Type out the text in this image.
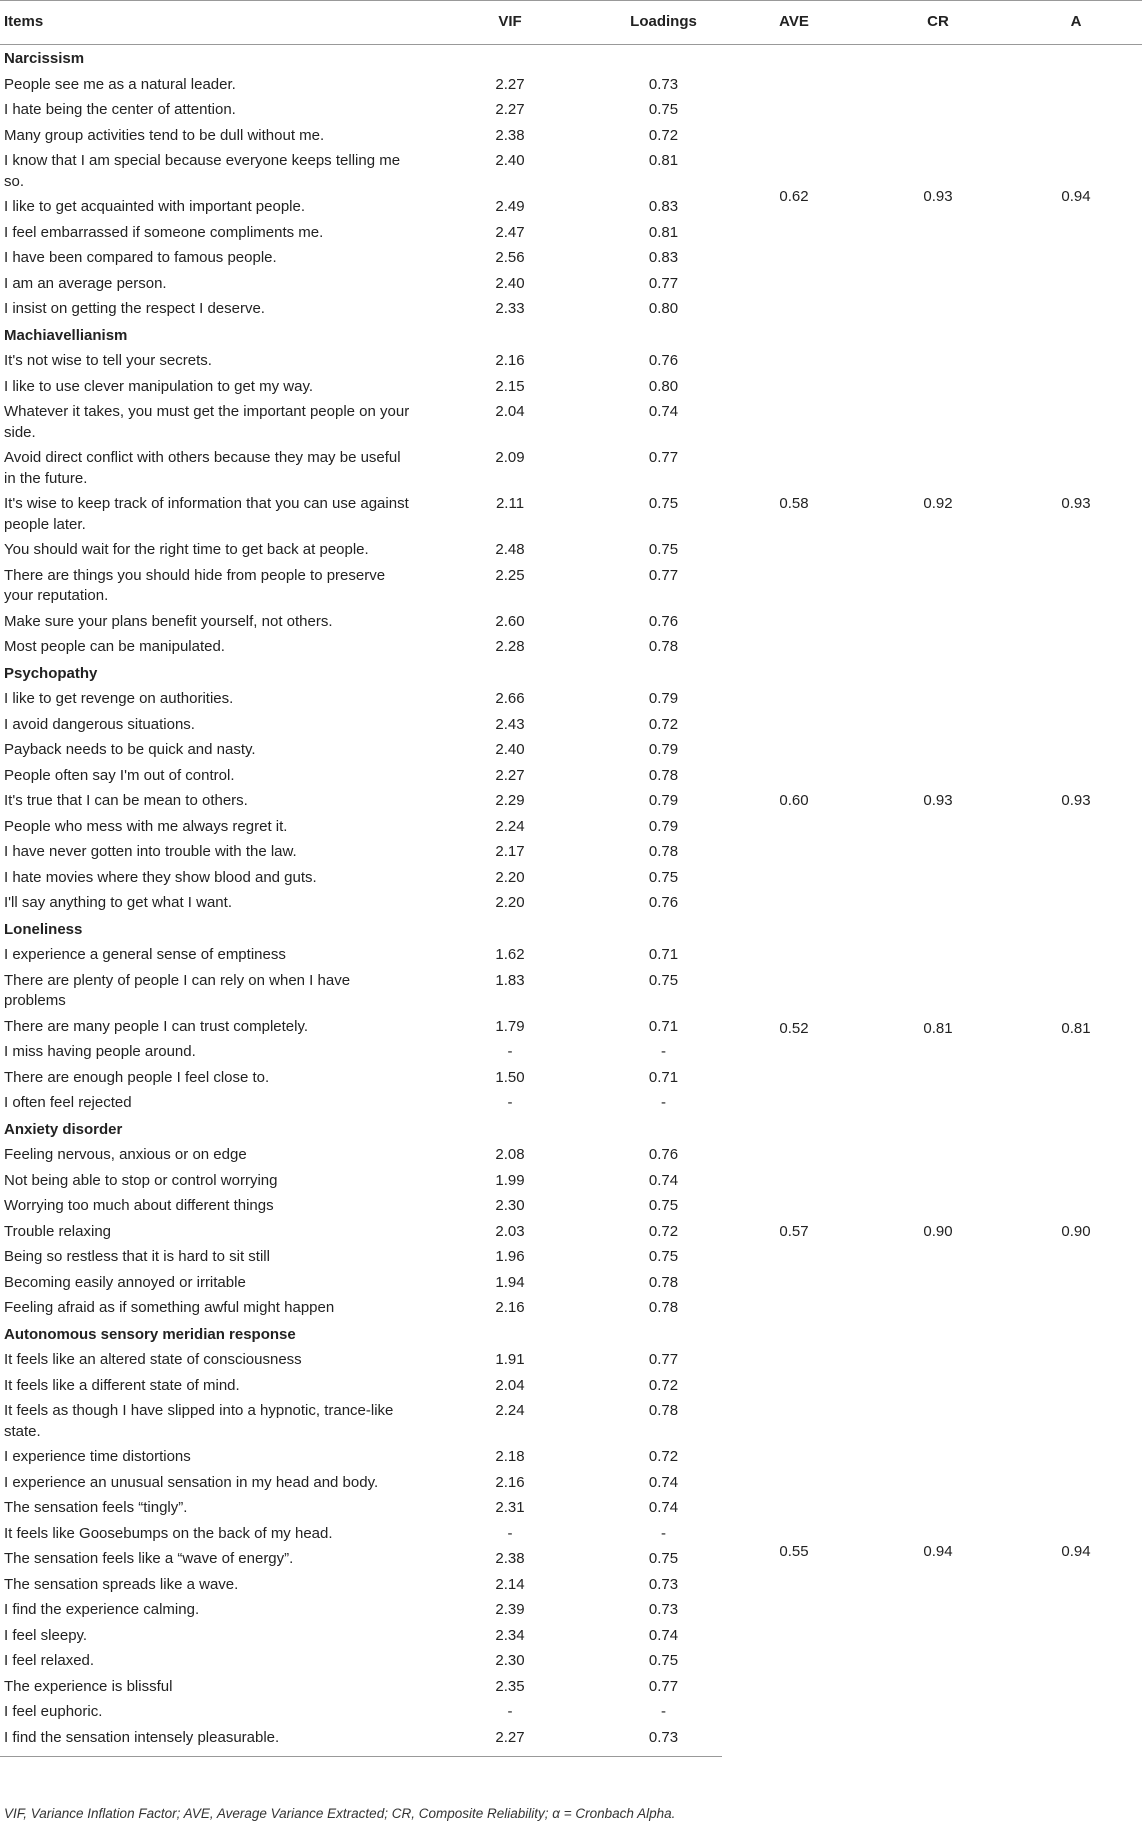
Items	VIF	Loadings	AVE	CR	Α
Narcissism					
People see me as a natural leader.	2.27	0.73	0.62	0.93	0.94
I hate being the center of attention.	2.27	0.75			
Many group activities tend to be dull without me.	2.38	0.72			
I know that I am special because everyone keeps telling me so.	2.40	0.81			
I like to get acquainted with important people.	2.49	0.83			
I feel embarrassed if someone compliments me.	2.47	0.81			
I have been compared to famous people.	2.56	0.83			
I am an average person.	2.40	0.77			
I insist on getting the respect I deserve.	2.33	0.80			
Machiavellianism					
It's not wise to tell your secrets.	2.16	0.76	0.58	0.92	0.93
I like to use clever manipulation to get my way.	2.15	0.80			
Whatever it takes, you must get the important people on your side.	2.04	0.74			
Avoid direct conflict with others because they may be useful in the future.	2.09	0.77			
It's wise to keep track of information that you can use against people later.	2.11	0.75			
You should wait for the right time to get back at people.	2.48	0.75			
There are things you should hide from people to preserve your reputation.	2.25	0.77			
Make sure your plans benefit yourself, not others.	2.60	0.76			
Most people can be manipulated.	2.28	0.78			
Psychopathy					
I like to get revenge on authorities.	2.66	0.79	0.60	0.93	0.93
I avoid dangerous situations.	2.43	0.72			
Payback needs to be quick and nasty.	2.40	0.79			
People often say I'm out of control.	2.27	0.78			
It's true that I can be mean to others.	2.29	0.79			
People who mess with me always regret it.	2.24	0.79			
I have never gotten into trouble with the law.	2.17	0.78			
I hate movies where they show blood and guts.	2.20	0.75			
I'll say anything to get what I want.	2.20	0.76			
Loneliness					
I experience a general sense of emptiness	1.62	0.71	0.52	0.81	0.81
There are plenty of people I can rely on when I have problems	1.83	0.75			
There are many people I can trust completely.	1.79	0.71			
I miss having people around.	-	-			
There are enough people I feel close to.	1.50	0.71			
I often feel rejected	-	-			
Anxiety disorder					
Feeling nervous, anxious or on edge	2.08	0.76	0.57	0.90	0.90
Not being able to stop or control worrying	1.99	0.74			
Worrying too much about different things	2.30	0.75			
Trouble relaxing	2.03	0.72			
Being so restless that it is hard to sit still	1.96	0.75			
Becoming easily annoyed or irritable	1.94	0.78			
Feeling afraid as if something awful might happen	2.16	0.78			
Autonomous sensory meridian response					
It feels like an altered state of consciousness	1.91	0.77	0.55	0.94	0.94
It feels like a different state of mind.	2.04	0.72			
It feels as though I have slipped into a hypnotic, trance-like state.	2.24	0.78			
I experience time distortions	2.18	0.72			
I experience an unusual sensation in my head and body.	2.16	0.74			
The sensation feels “tingly”.	2.31	0.74			
It feels like Goosebumps on the back of my head.	-	-			
The sensation feels like a “wave of energy”.	2.38	0.75			
The sensation spreads like a wave.	2.14	0.73			
I find the experience calming.	2.39	0.73			
I feel sleepy.	2.34	0.74			
I feel relaxed.	2.30	0.75			
The experience is blissful	2.35	0.77			
I feel euphoric.	-	-			
I find the sensation intensely pleasurable.	2.27	0.73			
VIF, Variance Inflation Factor; AVE, Average Variance Extracted; CR, Composite Reliability; α = Cronbach Alpha.
